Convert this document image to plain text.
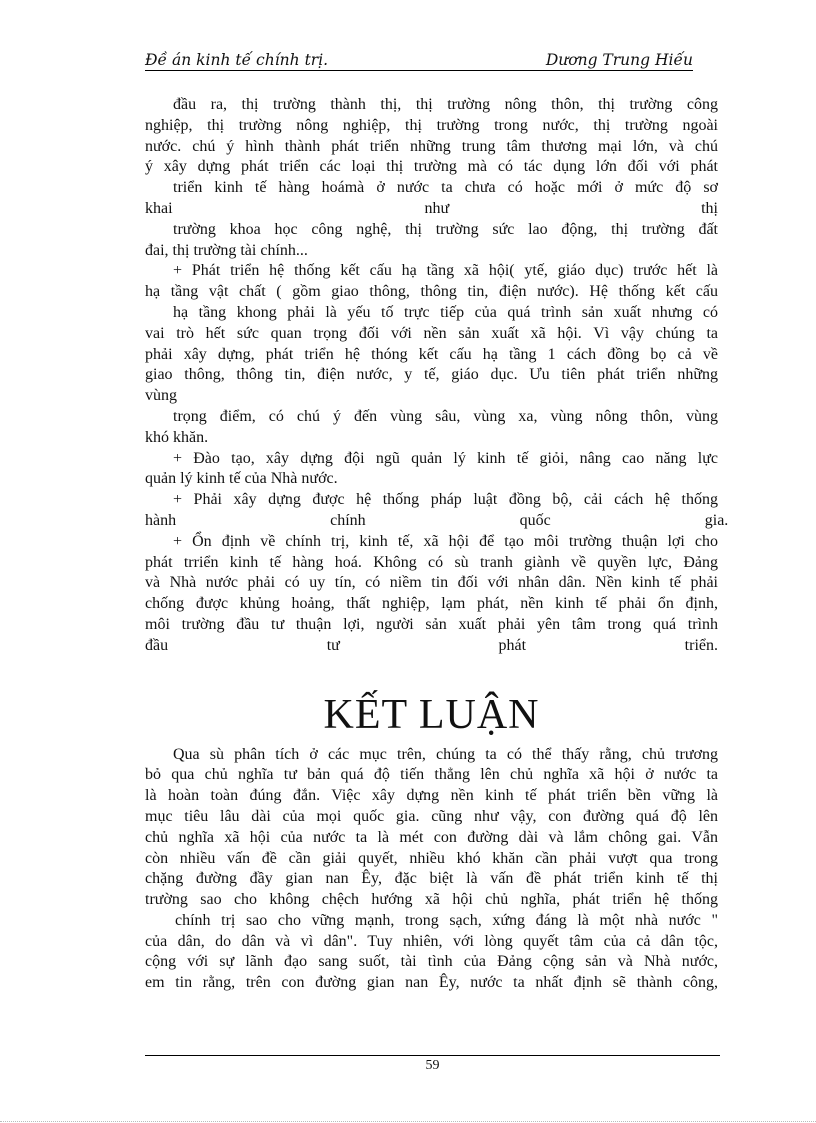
Đề án kinh tế chính trị.	Dương Trung Hiếu
đầu ra, thị trường thành thị, thị trường nông thôn, thị trường công
nghiệp, thị trường nông nghiệp, thị trường trong nước, thị trường ngoài
nước. chú ý hình thành phát triển những trung tâm thương mại lớn, và chú
ý xây dựng phát triển các loại thị trường mà có tác dụng lớn đối với phát
triển kinh tế hàng hoámà ở nước ta chưa có hoặc mới ở mức độ sơ
khai như thị
trường khoa học công nghệ, thị trường sức lao động, thị trường đất
đai, thị trường tài chính...
+ Phát triển hệ thống kết cấu hạ tầng xã hội( ytế, giáo dục) trước hết là
hạ tầng vật chất ( gồm giao thông, thông tin, điện nước). Hệ thống kết cấu
hạ tầng khong phải là yếu tố trực tiếp của quá trình sản xuất nhưng có
vai trò hết sức quan trọng đối với nền sản xuất xã hội. Vì vậy chúng ta
phải xây dựng, phát triển hệ thóng kết cấu hạ tầng 1 cách đồng bọ cả về
giao thông, thông tin, điện nước, y tế, giáo dục. Ưu tiên phát triển những
vùng
trọng điểm, có chú ý đến vùng sâu, vùng xa, vùng nông thôn, vùng
khó khăn.
+ Đào tạo, xây dựng đội ngũ quản lý kinh tế giỏi, nâng cao năng lực
quản lý kinh tế của Nhà nước.
+ Phải xây dựng được hệ thống pháp luật đồng bộ, cải cách hệ thống
hành chính quốc gia.
+ Ổn định về chính trị, kinh tế, xã hội để tạo môi trường thuận lợi cho
phát trriển kinh tế hàng hoá. Không có sù tranh giành về quyền lực, Đảng
và Nhà nước phải có uy tín, có niềm tin đối với nhân dân. Nền kinh tế phải
chống được khủng hoảng, thất nghiệp, lạm phát, nền kinh tế phải ổn định,
môi trường đầu tư thuận lợi, người sản xuất phải yên tâm trong quá trình
đầu tư phát triển.
KẾT LUẬN
Qua sù phân tích ở các mục trên, chúng ta có thể thấy rằng, chủ trương
bỏ qua chủ nghĩa tư bản quá độ tiến thẳng lên chủ nghĩa xã hội ở nước ta
là hoàn toàn đúng đắn. Việc xây dựng nền kinh tế phát triển bền vững là
mục tiêu lâu dài của mọi quốc gia. cũng như vậy, con đường quá độ lên
chủ nghĩa xã hội của nước ta là mét con đường dài và lắm chông gai. Vẫn
còn nhiều vấn đề cần giải quyết, nhiều khó khăn cần phải vượt qua trong
chặng đường đầy gian nan Êy, đặc biệt là vấn đề phát triển kinh tế thị
trường sao cho không chệch hướng xã hội chủ nghĩa, phát triển hệ thống
chính trị sao cho vững mạnh, trong sạch, xứng đáng là một nhà nước "
của dân, do dân và vì dân". Tuy nhiên, với lòng quyết tâm của cả dân tộc,
cộng với sự lãnh đạo sang suốt, tài tình của Đảng cộng sản và Nhà nước,
em tin rằng, trên con đường gian nan Êy, nước ta nhất định sẽ thành công,
59
